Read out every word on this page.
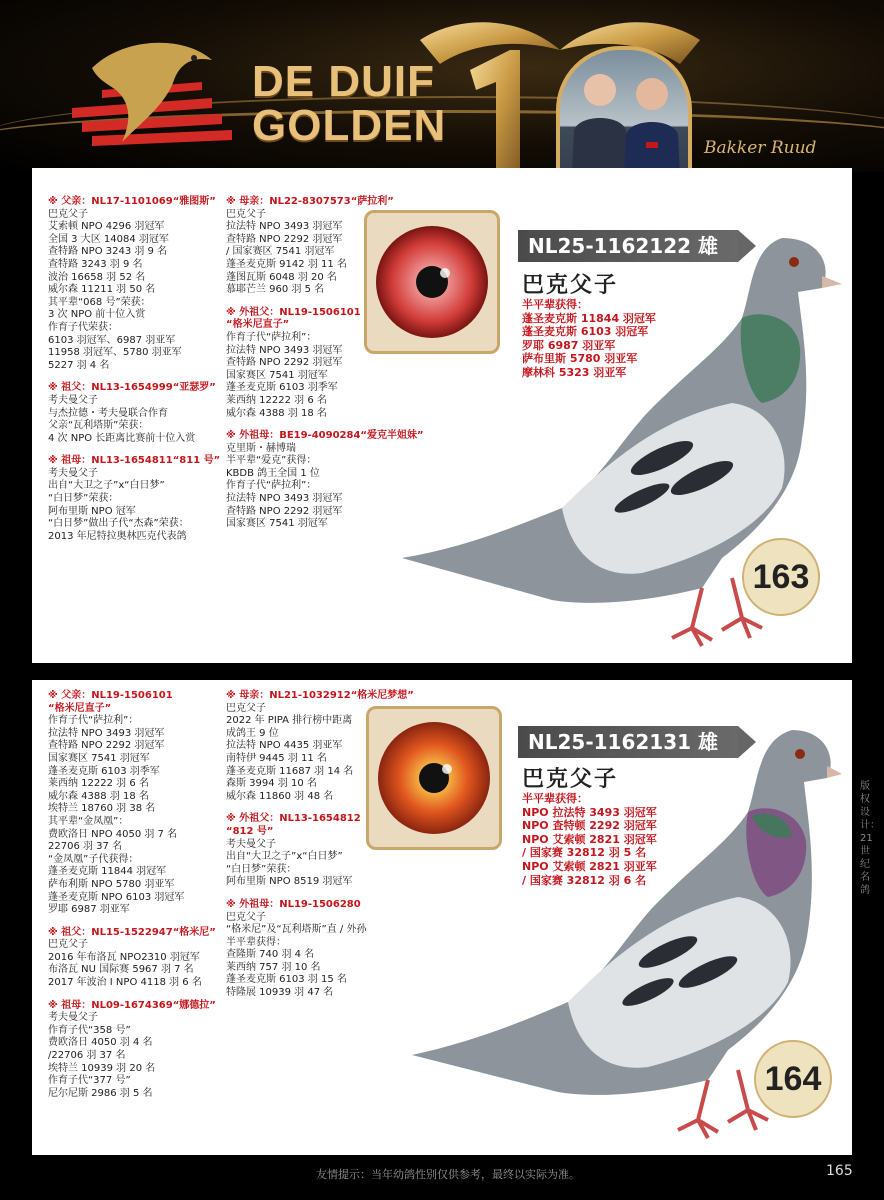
DE DUIF
GOLDEN	Bakker Ruud
※ 父亲：NL17-1101069“雅图斯”
巴克父子
艾索顿 NPO 4296 羽冠军
全国 3 大区 14084 羽冠军
查特路 NPO 3243 羽 9 名
查特路 3243 羽 9 名
波治 16658 羽 52 名
威尔森 11211 羽 50 名
其平辈“068 号”荣获：
3 次 NPO 前十位入赏
作育子代荣获：
6103 羽冠军、6987 羽亚军
11958 羽冠军、5780 羽亚军
5227 羽 4 名
※ 祖父：NL13-1654999“亚瑟罗”
考夫曼父子
与杰拉德・考夫曼联合作育
父亲“瓦利塔斯”荣获：
4 次 NPO 长距离比赛前十位入赏
※ 祖母：NL13-1654811“811 号”
考夫曼父子
出自“大卫之子”x“白日梦”
“白日梦”荣获：
阿布里斯 NPO 冠军
“白日梦”做出子代“杰森”荣获：
2013 年尼特拉奥林匹克代表鸽
※ 母亲：NL22-8307573“萨拉利”
巴克父子
拉法特 NPO 3493 羽冠军
查特路 NPO 2292 羽冠军
/ 国家赛区 7541 羽冠军
蓬圣麦克斯 9142 羽 11 名
蓬图瓦斯 6048 羽 20 名
慕耶芒兰 960 羽 5 名
※ 外祖父：NL19-1506101
“格米尼直子”
作育子代“萨拉利”：
拉法特 NPO 3493 羽冠军
查特路 NPO 2292 羽冠军
国家赛区 7541 羽冠军
蓬圣麦克斯 6103 羽季军
莱西纳 12222 羽 6 名
威尔森 4388 羽 18 名
※ 外祖母：BE19-4090284“爱克半姐妹”
克里斯・赫博瑞
半平辈“爱克”获得：
KBDB 鸽王全国 1 位
作育子代“萨拉利”：
拉法特 NPO 3493 羽冠军
查特路 NPO 2292 羽冠军
国家赛区 7541 羽冠军
NL25-1162122 雄
巴克父子
半平辈获得：
蓬圣麦克斯 11844 羽冠军
蓬圣麦克斯 6103 羽冠军
罗耶 6987 羽亚军
萨布里斯 5780 羽亚军
摩林科 5323 羽亚军
163
※ 父亲：NL19-1506101
“格米尼直子”
作育子代“萨拉利”：
拉法特 NPO 3493 羽冠军
查特路 NPO 2292 羽冠军
国家赛区 7541 羽冠军
蓬圣麦克斯 6103 羽季军
莱西纳 12222 羽 6 名
威尔森 4388 羽 18 名
埃特兰 18760 羽 38 名
其平辈“金凤凰”：
费欧洛日 NPO 4050 羽 7 名
22706 羽 37 名
“金凤凰”子代获得：
蓬圣麦克斯 11844 羽冠军
萨布利斯 NPO 5780 羽亚军
蓬圣麦克斯 NPO 6103 羽冠军
罗耶 6987 羽亚军
※ 祖父：NL15-1522947“格米尼”
巴克父子
2016 年布洛瓦 NPO2310 羽冠军
布洛瓦 NU 国际赛 5967 羽 7 名
2017 年波治 I NPO 4118 羽 6 名
※ 祖母：NL09-1674369“娜德拉”
考夫曼父子
作育子代“358 号”
费欧洛日 4050 羽 4 名
/22706 羽 37 名
埃特兰 10939 羽 20 名
作育子代“377 号”
尼尔尼斯 2986 羽 5 名
※ 母亲：NL21-1032912“格米尼梦想”
巴克父子
2022 年 PIPA 排行榜中距离
成鸽王 9 位
拉法特 NPO 4435 羽亚军
南特伊 9445 羽 11 名
蓬圣麦克斯 11687 羽 14 名
森斯 3994 羽 10 名
威尔森 11860 羽 48 名
※ 外祖父：NL13-1654812
“812 号”
考夫曼父子
出自“大卫之子”x“白日梦”
“白日梦”荣获：
阿布里斯 NPO 8519 羽冠军
※ 外祖母：NL19-1506280
巴克父子
“格米尼”及“瓦利塔斯”直 / 外孙
半平辈获得：
查隆斯 740 羽 4 名
莱西纳 757 羽 10 名
蓬圣麦克斯 6103 羽 15 名
特隆展 10939 羽 47 名
NL25-1162131 雄
巴克父子
半平辈获得：
NPO 拉法特 3493 羽冠军
NPO 查特顿 2292 羽冠军
NPO 艾索顿 2821 羽冠军
/ 国家赛 32812 羽 5 名
NPO 艾索顿 2821 羽亚军
/ 国家赛 32812 羽 6 名
164
版权设计：21 世纪名鸽
友情提示：当年幼鸽性别仅供参考，最终以实际为准。	165
